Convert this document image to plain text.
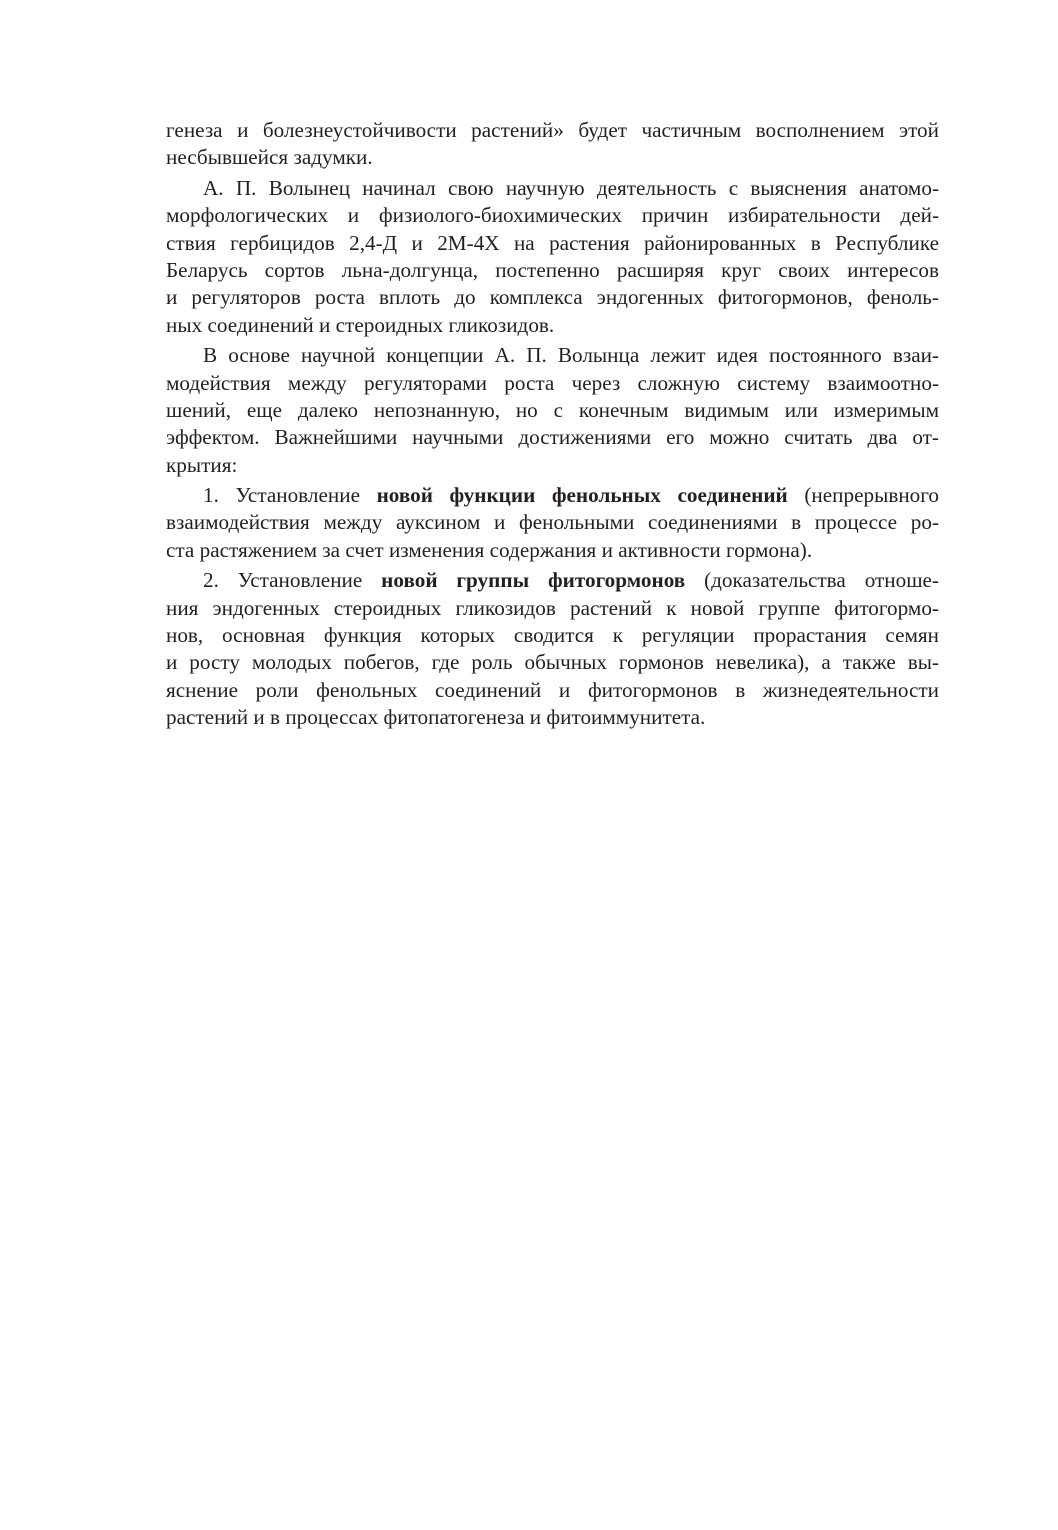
генеза и болезнеустойчивости растений» будет частичным восполнением этой
несбывшейся задумки.
А. П. Волынец начинал свою научную деятельность с выяснения анатомо-
морфологических и физиолого-биохимических причин избирательности дей-
ствия гербицидов 2,4-Д и 2М-4Х на растения районированных в Республике
Беларусь сортов льна-долгунца, постепенно расширяя круг своих интересов
и регуляторов роста вплоть до комплекса эндогенных фитогормонов, феноль-
ных соединений и стероидных гликозидов.
В основе научной концепции А. П. Волынца лежит идея постоянного взаи-
модействия между регуляторами роста через сложную систему взаимоотно-
шений, еще далеко непознанную, но с конечным видимым или измеримым
эффектом. Важнейшими научными достижениями его можно считать два от-
крытия:
1. Установление новой функции фенольных соединений (непрерывного
взаимодействия между ауксином и фенольными соединениями в процессе ро-
ста растяжением за счет изменения содержания и активности гормона).
2. Установление новой группы фитогормонов (доказательства отноше-
ния эндогенных стероидных гликозидов растений к новой группе фитогормо-
нов, основная функция которых сводится к регуляции прорастания семян
и росту молодых побегов, где роль обычных гормонов невелика), а также вы-
яснение роли фенольных соединений и фитогормонов в жизнедеятельности
растений и в процессах фитопатогенеза и фитоиммунитета.
